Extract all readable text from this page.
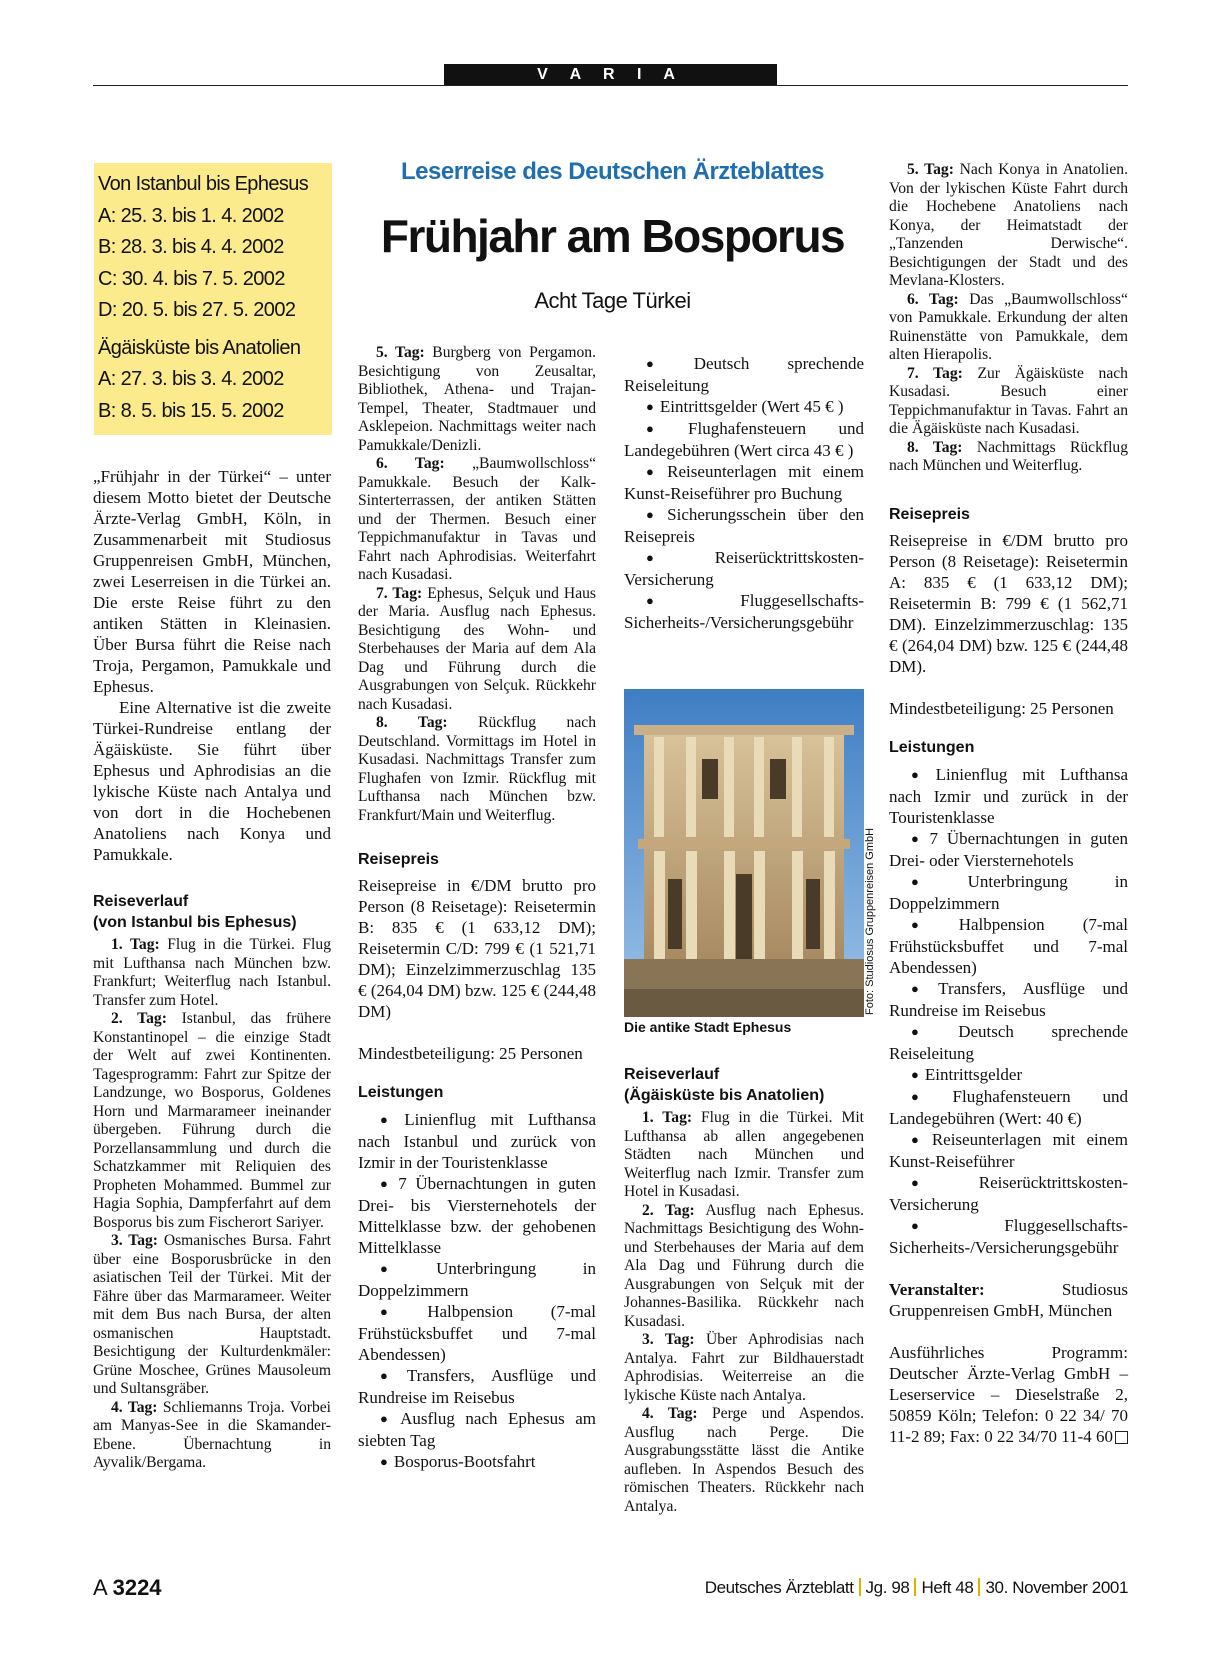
V A R I A
Von Istanbul bis Ephesus
A: 25. 3. bis 1. 4. 2002
B: 28. 3. bis 4. 4. 2002
C: 30. 4. bis 7. 5. 2002
D: 20. 5. bis 27. 5. 2002
Ägäisküste bis Anatolien
A: 27. 3. bis 3. 4. 2002
B: 8. 5. bis 15. 5. 2002
Leserreise des Deutschen Ärzteblattes
Frühjahr am Bosporus
Acht Tage Türkei

„Frühjahr in der Türkei“ – unter diesem Motto bietet der Deutsche Ärzte-Verlag GmbH, Köln, in Zusammenarbeit mit Studiosus Gruppenreisen GmbH, München, zwei Leserreisen in die Türkei an. Die erste Reise führt zu den antiken Stätten in Kleinasien. Über Bursa führt die Reise nach Troja, Pergamon, Pamukkale und Ephesus.

Eine Alternative ist die zweite Türkei-Rundreise entlang der Ägäisküste. Sie führt über Ephesus und Aphrodisias an die lykische Küste nach Antalya und von dort in die Hochebenen Anatoliens nach Konya und Pamukkale.

Reiseverlauf
(von Istanbul bis Ephesus)

1. Tag: Flug in die Türkei. Flug mit Lufthansa nach München bzw. Frankfurt; Weiterflug nach Istanbul. Transfer zum Hotel.

2. Tag: Istanbul, das frühere Konstantinopel – die einzige Stadt der Welt auf zwei Kontinenten. Tagesprogramm: Fahrt zur Spitze der Landzunge, wo Bosporus, Goldenes Horn und Marmarameer ineinander übergeben. Führung durch die Porzellansammlung und durch die Schatzkammer mit Reliquien des Propheten Mohammed. Bummel zur Hagia Sophia, Dampferfahrt auf dem Bosporus bis zum Fischerort Sariyer.

3. Tag: Osmanisches Bursa. Fahrt über eine Bosporusbrücke in den asiatischen Teil der Türkei. Mit der Fähre über das Marmarameer. Weiter mit dem Bus nach Bursa, der alten osmanischen Hauptstadt. Besichtigung der Kulturdenkmäler: Grüne Moschee, Grünes Mausoleum und Sultansgräber.

4. Tag: Schliemanns Troja. Vorbei am Manyas-See in die Skamander-Ebene. Übernachtung in Ayvalik/Bergama.

5. Tag: Burgberg von Pergamon. Besichtigung von Zeusaltar, Bibliothek, Athena- und Trajan-Tempel, Theater, Stadtmauer und Asklepeion. Nachmittags weiter nach Pamukkale/Denizli.

6. Tag: „Baumwollschloss“ Pamukkale. Besuch der Kalk-Sinterterrassen, der antiken Stätten und der Thermen. Besuch einer Teppichmanufaktur in Tavas und Fahrt nach Aphrodisias. Weiterfahrt nach Kusadasi.

7. Tag: Ephesus, Selçuk und Haus der Maria. Ausflug nach Ephesus. Besichtigung des Wohn- und Sterbehauses der Maria auf dem Ala Dag und Führung durch die Ausgrabungen von Selçuk. Rückkehr nach Kusadasi.

8. Tag: Rückflug nach Deutschland. Vormittags im Hotel in Kusadasi. Nachmittags Transfer zum Flughafen von Izmir. Rückflug mit Lufthansa nach München bzw. Frankfurt/Main und Weiterflug.

Reisepreis

Reisepreise in €/DM brutto pro Person (8 Reisetage): Reisetermin B: 835 € (1 633,12 DM); Reisetermin C/D: 799 € (1 521,71 DM); Einzelzimmerzuschlag 135 € (264,04 DM) bzw. 125 € (244,48 DM)

Mindestbeteiligung: 25 Personen

Leistungen

● Linienflug mit Lufthansa nach Istanbul und zurück von Izmir in der Touristenklasse

● 7 Übernachtungen in guten Drei- bis Viersternehotels der Mittelklasse bzw. der gehobenen Mittelklasse

● Unterbringung in Doppelzimmern

● Halbpension (7-mal Frühstücksbuffet und 7-mal Abendessen)

● Transfers, Ausflüge und Rundreise im Reisebus

● Ausflug nach Ephesus am siebten Tag

● Bosporus-Bootsfahrt

● Deutsch sprechende Reiseleitung

● Eintrittsgelder (Wert 45 € )

● Flughafensteuern und Landegebühren (Wert circa 43 € )

● Reiseunterlagen mit einem Kunst-Reiseführer pro Buchung

● Sicherungsschein über den Reisepreis

● Reiserücktrittskosten-Versicherung

● Fluggesellschafts-Sicherheits-/Versicherungsgebühr

Foto: Studiosus Gruppenreisen GmbH
Die antike Stadt Ephesus
Reiseverlauf
(Ägäisküste bis Anatolien)

1. Tag: Flug in die Türkei. Mit Lufthansa ab allen angegebenen Städten nach München und Weiterflug nach Izmir. Transfer zum Hotel in Kusadasi.

2. Tag: Ausflug nach Ephesus. Nachmittags Besichtigung des Wohn- und Sterbehauses der Maria auf dem Ala Dag und Führung durch die Ausgrabungen von Selçuk mit der Johannes-Basilika. Rückkehr nach Kusadasi.

3. Tag: Über Aphrodisias nach Antalya. Fahrt zur Bildhauerstadt Aphrodisias. Weiterreise an die lykische Küste nach Antalya.

4. Tag: Perge und Aspendos. Ausflug nach Perge. Die Ausgrabungsstätte lässt die Antike aufleben. In Aspendos Besuch des römischen Theaters. Rückkehr nach Antalya.

5. Tag: Nach Konya in Anatolien. Von der lykischen Küste Fahrt durch die Hochebene Anatoliens nach Konya, der Heimatstadt der „Tanzenden Derwische“. Besichtigungen der Stadt und des Mevlana-Klosters.

6. Tag: Das „Baumwollschloss“ von Pamukkale. Erkundung der alten Ruinenstätte von Pamukkale, dem alten Hierapolis.

7. Tag: Zur Ägäisküste nach Kusadasi. Besuch einer Teppichmanufaktur in Tavas. Fahrt an die Ägäisküste nach Kusadasi.

8. Tag: Nachmittags Rückflug nach München und Weiterflug.

Reisepreis

Reisepreise in €/DM brutto pro Person (8 Reisetage): Reisetermin A: 835 € (1 633,12 DM); Reisetermin B: 799 € (1 562,71 DM). Einzelzimmerzuschlag: 135 € (264,04 DM) bzw. 125 € (244,48 DM).

Mindestbeteiligung: 25 Personen

Leistungen

● Linienflug mit Lufthansa nach Izmir und zurück in der Touristenklasse

● 7 Übernachtungen in guten Drei- oder Viersternehotels

● Unterbringung in Doppelzimmern

● Halbpension (7-mal Frühstücksbuffet und 7-mal Abendessen)

● Transfers, Ausflüge und Rundreise im Reisebus

● Deutsch sprechende Reiseleitung

● Eintrittsgelder

● Flughafensteuern und Landegebühren (Wert: 40 €)

● Reiseunterlagen mit einem Kunst-Reiseführer

● Reiserücktrittskosten-Versicherung

● Fluggesellschafts-Sicherheits-/Versicherungsgebühr

Veranstalter: Studiosus Gruppenreisen GmbH, München

Ausführliches Programm: Deutscher Ärzte-Verlag GmbH – Leserservice – Dieselstraße 2, 50859 Köln; Telefon: 0 22 34/ 70 11-2 89; Fax: 0 22 34/70 11-4 60

A 3224	Deutsches Ärzteblatt Jg. 98 Heft 48 30. November 2001
